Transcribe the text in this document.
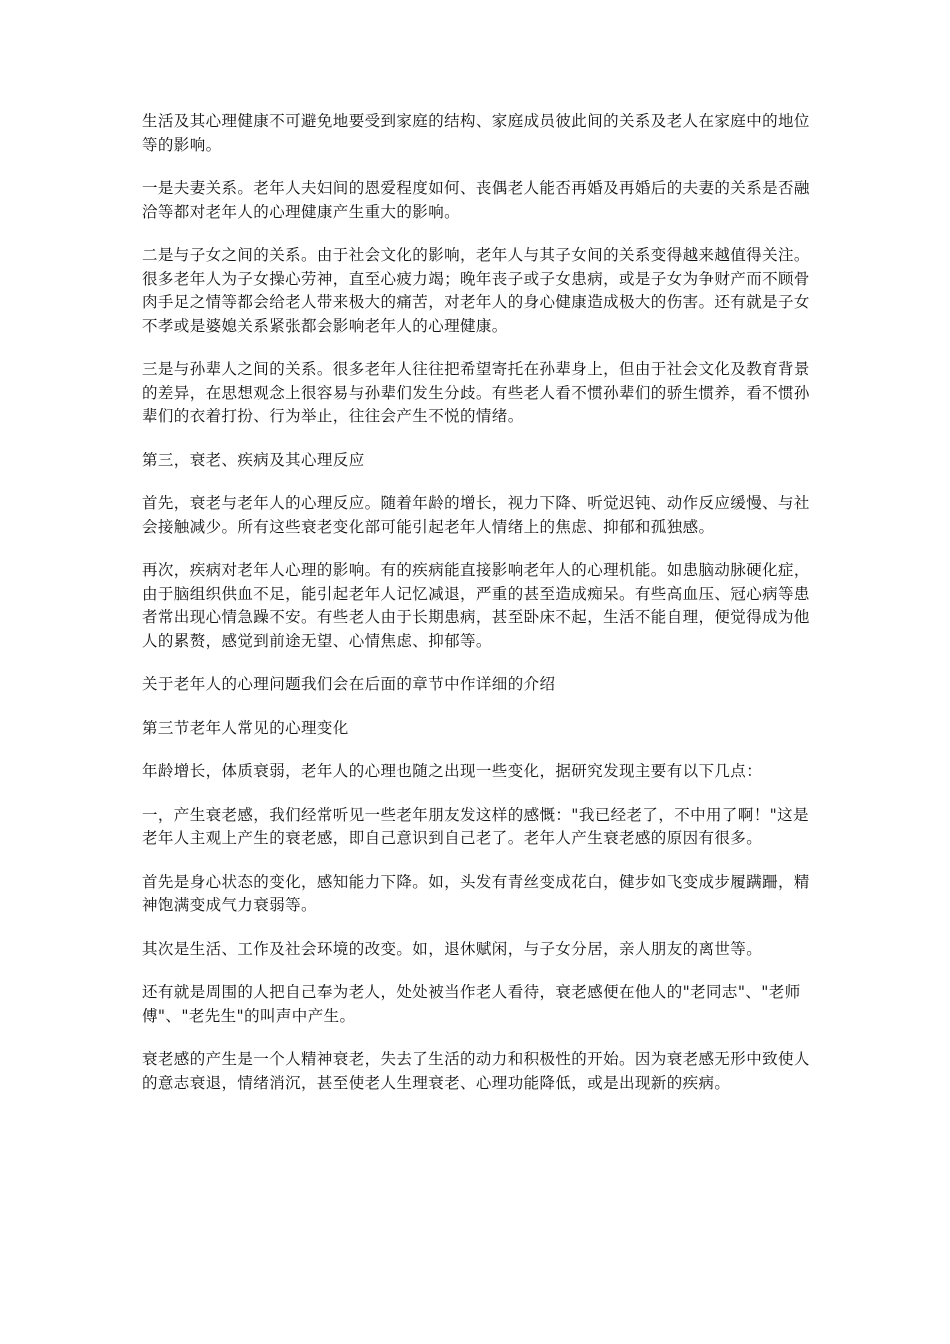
生活及其心理健康不可避免地要受到家庭的结构、家庭成员彼此间的关系及老人在家庭中的地位等的影响。

一是夫妻关系。老年人夫妇间的恩爱程度如何、丧偶老人能否再婚及再婚后的夫妻的关系是否融洽等都对老年人的心理健康产生重大的影响。

二是与子女之间的关系。由于社会文化的影响，老年人与其子女间的关系变得越来越值得关注。很多老年人为子女操心劳神，直至心疲力竭；晚年丧子或子女患病，或是子女为争财产而不顾骨肉手足之情等都会给老人带来极大的痛苦，对老年人的身心健康造成极大的伤害。还有就是子女不孝或是婆媳关系紧张都会影响老年人的心理健康。

三是与孙辈人之间的关系。很多老年人往往把希望寄托在孙辈身上，但由于社会文化及教育背景的差异，在思想观念上很容易与孙辈们发生分歧。有些老人看不惯孙辈们的骄生惯养，看不惯孙辈们的衣着打扮、行为举止，往往会产生不悦的情绪。

第三，衰老、疾病及其心理反应

首先，衰老与老年人的心理反应。随着年龄的增长，视力下降、听觉迟钝、动作反应缓慢、与社会接触减少。所有这些衰老变化部可能引起老年人情绪上的焦虑、抑郁和孤独感。

再次，疾病对老年人心理的影响。有的疾病能直接影响老年人的心理机能。如患脑动脉硬化症，由于脑组织供血不足，能引起老年人记忆减退，严重的甚至造成痴呆。有些高血压、冠心病等患者常出现心情急躁不安。有些老人由于长期患病，甚至卧床不起，生活不能自理，便觉得成为他人的累赘，感觉到前途无望、心情焦虑、抑郁等。

关于老年人的心理问题我们会在后面的章节中作详细的介绍

第三节老年人常见的心理变化

年龄增长，体质衰弱，老年人的心理也随之出现一些变化，据研究发现主要有以下几点：

一，产生衰老感，我们经常听见一些老年朋友发这样的感慨："我已经老了，不中用了啊！"这是老年人主观上产生的衰老感，即自己意识到自己老了。老年人产生衰老感的原因有很多。

首先是身心状态的变化，感知能力下降。如，头发有青丝变成花白，健步如飞变成步履蹒跚，精神饱满变成气力衰弱等。

其次是生活、工作及社会环境的改变。如，退休赋闲，与子女分居，亲人朋友的离世等。

还有就是周围的人把自己奉为老人，处处被当作老人看待，衰老感便在他人的"老同志"、"老师傅"、"老先生"的叫声中产生。

衰老感的产生是一个人精神衰老，失去了生活的动力和积极性的开始。因为衰老感无形中致使人的意志衰退，情绪消沉，甚至使老人生理衰老、心理功能降低，或是出现新的疾病。
